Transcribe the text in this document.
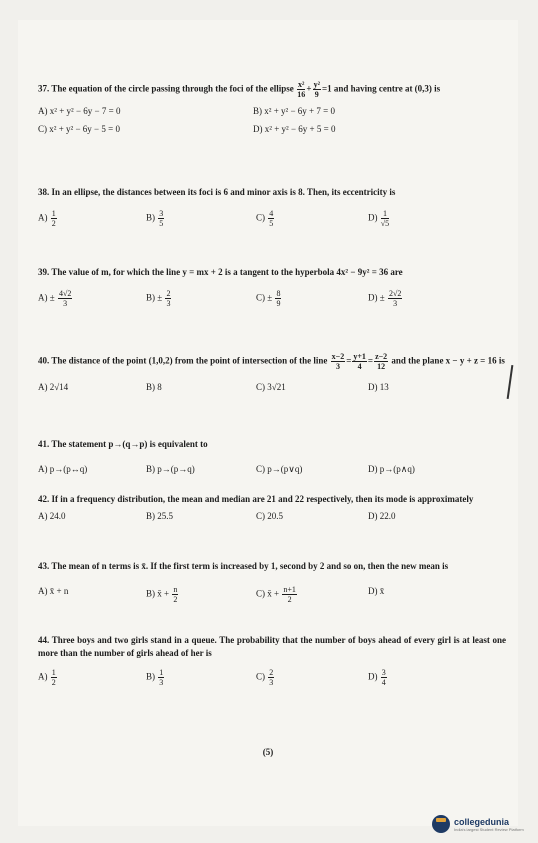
37. The equation of the circle passing through the foci of the ellipse $\frac{\text{x²}}{16} + \frac{\text{y²}}{9} =1$ and having centre at (0,3) is
A) x² + y² − 6y − 7 = 0	B) x² + y² − 6y + 7 = 0
C) x² + y² − 6y − 5 = 0	D) x² + y² − 6y + 5 = 0
38. In an ellipse, the distances between its foci is 6 and minor axis is 8. Then, its eccentricity is
$A) \frac{1}{2}$	$B) \frac{3}{5}$	$C) \frac{4}{5}$	$D) \frac{1}{√5}$
39. The value of m, for which the line y = mx + 2 is a tangent to the hyperbola 4x² − 9y² = 36 are
$A) \pm \frac{4√2}{3}$	$B) \pm \frac{2}{3}$	$C) \pm \frac{8}{9}$	$D) \pm \frac{2√2}{3}$
40. The distance of the point (1,0,2) from the point of intersection of the line $\frac{x-2}{3} = \frac{y+1}{4} = \frac{z-2}{12}$ and the plane x − y + z = 16 is
A) 2√14	B) 8	C) 3√21	D) 13
41. The statement p→(q→p) is equivalent to
A) p→(p↔q)	B) p→(p→q)	C) p→(p∨q)	D) p→(p∧q)
42. If in a frequency distribution, the mean and median are 21 and 22 respectively, then its mode is approximately
A) 24.0	B) 25.5	C) 20.5	D) 22.0
43. The mean of n terms is x̄. If the first term is increased by 1, second by 2 and so on, then the new mean is
A) x̄ + n	B) x̄ + $\frac{n}{2}$	C) x̄ + $\frac{n+1}{2}$	D) x̄
44. Three boys and two girls stand in a queue. The probability that the number of boys ahead of every girl is at least one more than the number of girls ahead of her is
$A) \frac{1}{2}$	$B) \frac{1}{3}$	$C) \frac{2}{3}$	$D) \frac{3}{4}$
(5)
collegedunia
India's largest Student Review Platform
